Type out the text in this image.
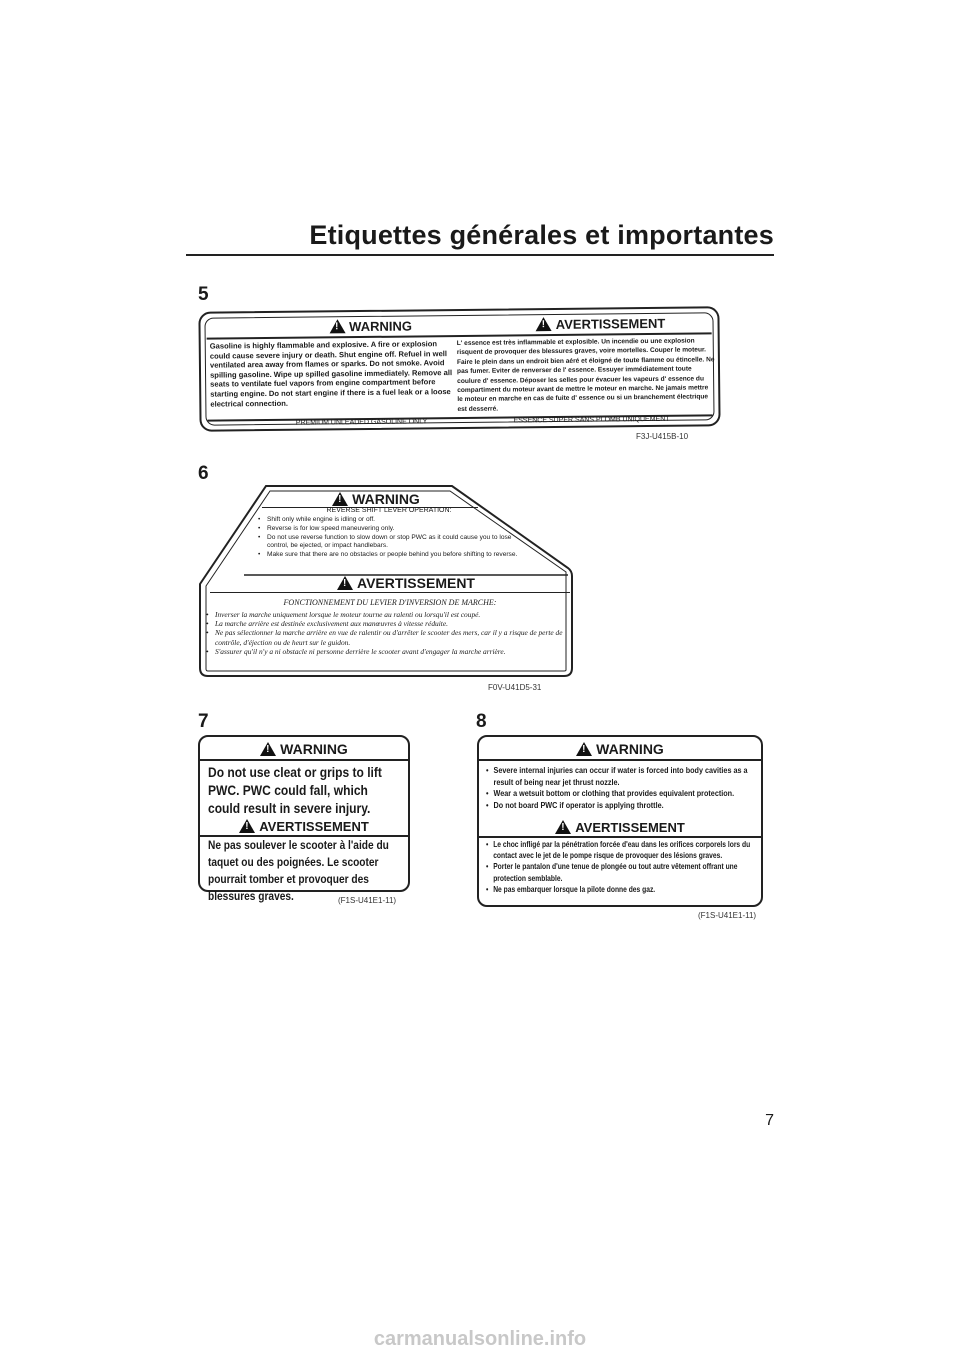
Etiquettes générales et importantes
5
!
WARNING
!	AVERTISSEMENT
Gasoline is highly flammable and explosive. A fire or explosion could cause severe injury or death. Shut engine off. Refuel in well ventilated area away from flames or sparks. Do not smoke. Avoid spilling gasoline. Wipe up spilled gasoline immediately. Remove all seats to ventilate fuel vapors from engine compartment before starting engine. Do not start engine if there is a fuel leak or a loose electrical connection.
L' essence est très inflammable et explosible. Un incendie ou une explosion risquent de provoquer des blessures graves, voire mortelles. Couper le moteur. Faire le plein dans un endroit bien aéré et éloigné de toute flamme ou étincelle. Ne pas fumer. Eviter de renverser de l' essence. Essuyer immédiatement toute coulure d' essence. Déposer les selles pour évacuer les vapeurs d' essence du compartiment du moteur avant de mettre le moteur en marche. Ne jamais mettre le moteur en marche en cas de fuite d' essence ou si un branchement électrique est desserré.
PREMIUM UNLEADED GASOLINE ONLY	ESSENCE SUPER SANS PLOMB UNIQUEMENT
F3J-U415B-10
6
!
WARNING
REVERSE SHIFT LEVER OPERATION:
• Shift only while engine is idling or off.
• Reverse is for low speed maneuvering only.
• Do not use reverse function to slow down or stop PWC as it could cause you to lose control, be ejected, or impact handlebars.
• Make sure that there are no obstacles or people behind you before shifting to reverse.
!
AVERTISSEMENT
FONCTIONNEMENT DU LEVIER D'INVERSION DE MARCHE:
• Inverser la marche uniquement lorsque le moteur tourne au ralenti ou lorsqu'il est coupé.
• La marche arrière est destinée exclusivement aux manœuvres à vitesse réduite.
• Ne pas sélectionner la marche arrière en vue de ralentir ou d'arrêter le scooter des mers, car il y a risque de perte de contrôle, d'éjection ou de heurt sur le guidon.
• S'assurer qu'il n'y a ni obstacle ni personne derrière le scooter avant d'engager la marche arrière.
F0V-U41D5-31
7
!
WARNING
Do not use cleat or grips to lift PWC. PWC could fall, which could result in severe injury.
!
AVERTISSEMENT
Ne pas soulever le scooter à l'aide du taquet ou des poignées. Le scooter pourrait tomber et provoquer des blessures graves.	(F1S-U41E1-11)
8
!
WARNING
• Severe internal injuries can occur if water is forced into body cavities as a result of being near jet thrust nozzle.
• Wear a wetsuit bottom or clothing that provides equivalent protection.
• Do not board PWC if operator is applying throttle.
!
AVERTISSEMENT
• Le choc infligé par la pénétration forcée d'eau dans les orifices corporels lors du contact avec le jet de le pompe risque de provoquer des lésions graves.
• Porter le pantalon d'une tenue de plongée ou tout autre vêtement offrant une protection semblable.
• Ne pas embarquer lorsque la pilote donne des gaz.
(F1S-U41E1-11)
7
carmanualsonline.info
